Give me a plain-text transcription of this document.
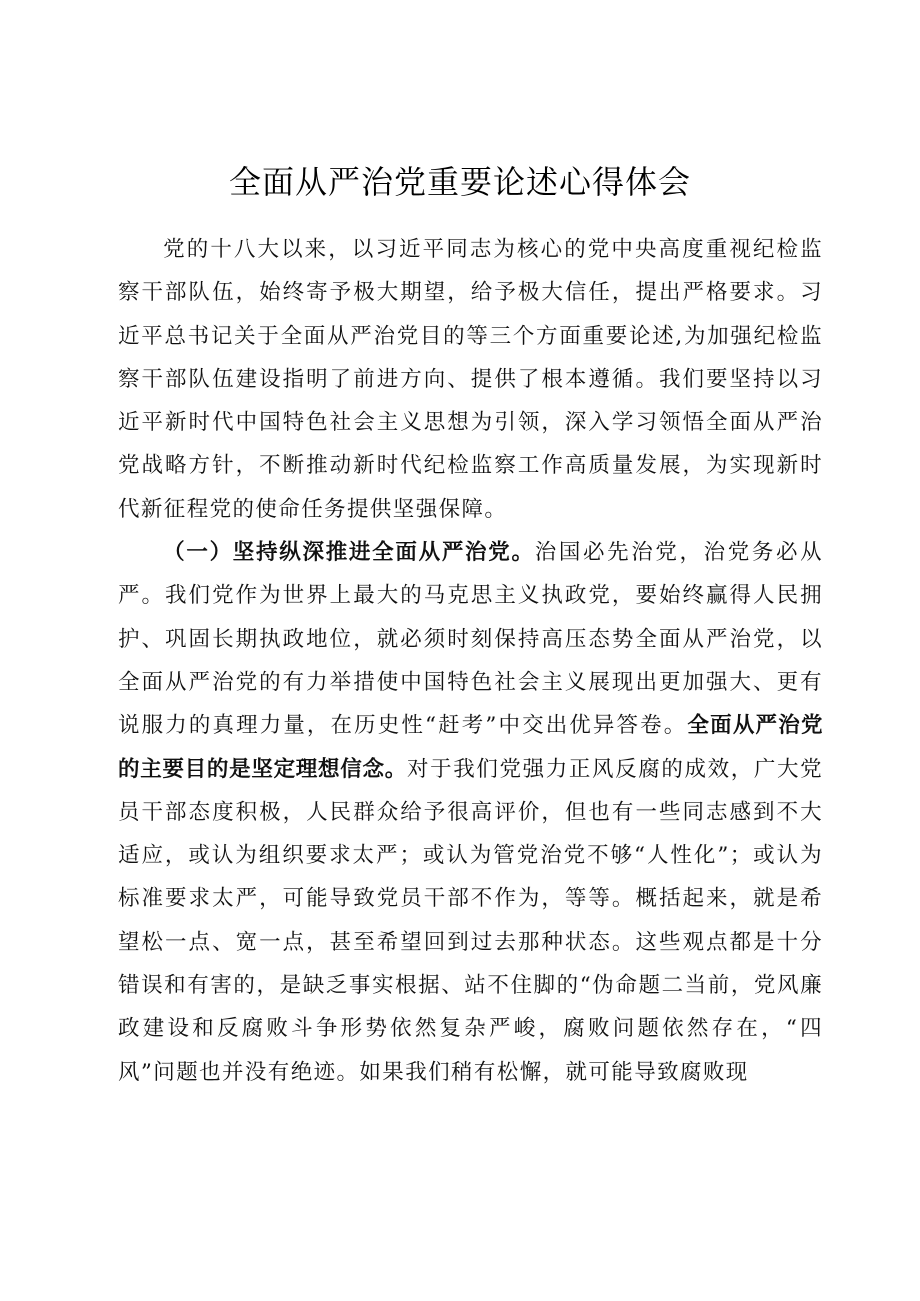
全面从严治党重要论述心得体会

党的十八大以来，以习近平同志为核心的党中央高度重视纪检监察干部队伍，始终寄予极大期望，给予极大信任，提出严格要求。习近平总书记关于全面从严治党目的等三个方面重要论述,为加强纪检监察干部队伍建设指明了前进方向、提供了根本遵循。我们要坚持以习近平新时代中国特色社会主义思想为引领，深入学习领悟全面从严治党战略方针，不断推动新时代纪检监察工作高质量发展，为实现新时代新征程党的使命任务提供坚强保障。

（一）坚持纵深推进全面从严治党。治国必先治党，治党务必从严。我们党作为世界上最大的马克思主义执政党，要始终赢得人民拥护、巩固长期执政地位，就必须时刻保持高压态势全面从严治党，以全面从严治党的有力举措使中国特色社会主义展现出更加强大、更有说服力的真理力量，在历史性“赶考”中交出优异答卷。全面从严治党的主要目的是坚定理想信念。对于我们党强力正风反腐的成效，广大党员干部态度积极，人民群众给予很高评价，但也有一些同志感到不大适应，或认为组织要求太严；或认为管党治党不够“人性化”；或认为标准要求太严，可能导致党员干部不作为，等等。概括起来，就是希望松一点、宽一点，甚至希望回到过去那种状态。这些观点都是十分错误和有害的，是缺乏事实根据、站不住脚的“伪命题二当前，党风廉政建设和反腐败斗争形势依然复杂严峻，腐败问题依然存在，“四风”问题也并没有绝迹。如果我们稍有松懈，就可能导致腐败现
